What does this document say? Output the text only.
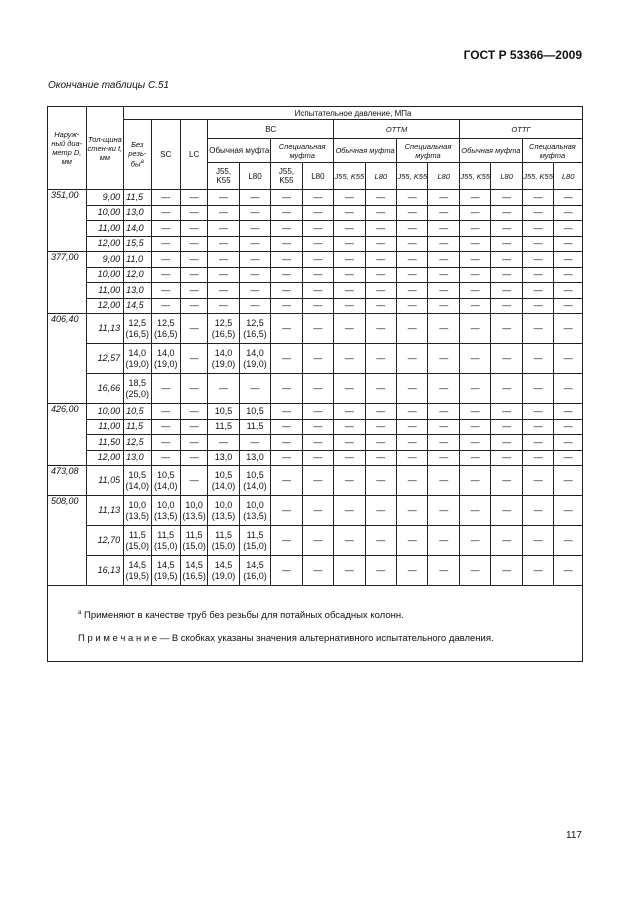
ГОСТ Р 53366—2009
Окончание таблицы С.51
Наруж-ный диа-метр D, мм	Тол-щина стен-ки t, мм	Испытательное давление, МПа														
		Без резь-$бы^а$	SC	LC	ВС				ОТТМ				ОТТГ			
					Обычная муфта		Специальная муфта		Обычная муфта		Специальная муфта		Обычная муфта		Специальная муфта	
					J55, K55	L80	J55, K55	L80	J55, K55	L80	J55, K55	L80	J55, K55	L80	J55, K55	L80
351,00	9,00	11,5	—	—	—	—	—	—	—	—	—	—	—	—	—	—
	10,00	13,0	—	—	—	—	—	—	—	—	—	—	—	—	—	—
	11,00	14,0	—	—	—	—	—	—	—	—	—	—	—	—	—	—
	12,00	15,5	—	—	—	—	—	—	—	—	—	—	—	—	—	—
377,00	9,00	11,0	—	—	—	—	—	—	—	—	—	—	—	—	—	—
	10,00	12,0	—	—	—	—	—	—	—	—	—	—	—	—	—	—
	11,00	13,0	—	—	—	—	—	—	—	—	—	—	—	—	—	—
	12,00	14,5	—	—	—	—	—	—	—	—	—	—	—	—	—	—
406,40	11,13	12,5
(16,5)	12,5
(16,5)	—	12,5
(16,5)	12,5
(16,5)	—	—	—	—	—	—	—	—	—	—
	12,57	14,0
(19,0)	14,0
(19,0)	—	14,0
(19,0)	14,0
(19,0)	—	—	—	—	—	—	—	—	—	—
	16,66	18,5
(25,0)	—	—	—	—	—	—	—	—	—	—	—	—	—	—
426,00	10,00	10,5	—	—	10,5	10,5	—	—	—	—	—	—	—	—	—	—
	11,00	11,5	—	—	11,5	11,5	—	—	—	—	—	—	—	—	—	—
	11,50	12,5	—	—	—	—	—	—	—	—	—	—	—	—	—	—
	12,00	13,0	—	—	13,0	13,0	—	—	—	—	—	—	—	—	—	—
473,08	11,05	10,5
(14,0)	10,5
(14,0)	—	10,5
(14,0)	10,5
(14,0)	—	—	—	—	—	—	—	—	—	—
508,00	11,13	10,0
(13,5)	10,0
(13,5)	10,0
(13,5)	10,0
(13,5)	10,0
(13,5)	—	—	—	—	—	—	—	—	—	—
	12,70	11,5
(15,0)	11,5
(15,0)	11,5
(15,0)	11,5
(15,0)	11,5
(15,0)	—	—	—	—	—	—	—	—	—	—
	16,13	14,5
(19,5)	14,5
(19,5)	14,5
(16,5)	14,5
(19,0)	14,5
(16,0)	—	—	—	—	—	—	—	—	—	—
$^а$ Применяют в качестве труб без резьбы для потайных обсадных колонн.
П р и м е ч а н и е — В скобках указаны значения альтернативного испытательного давления.
117
